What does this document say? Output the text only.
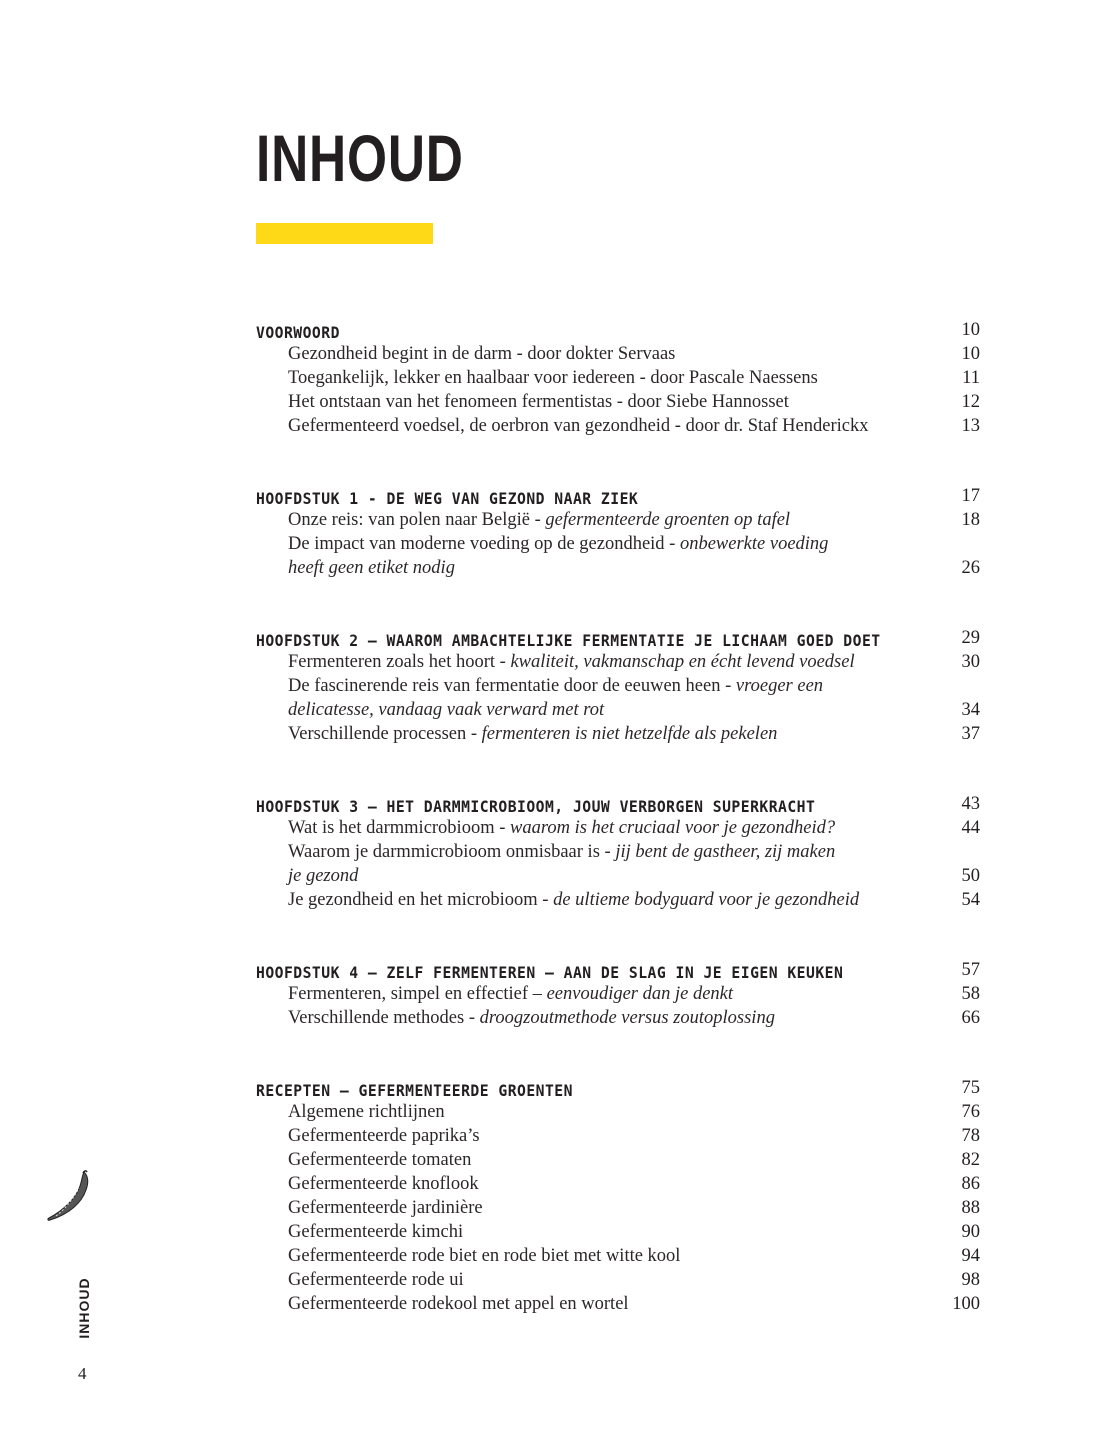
INHOUD
VOORWOORD	10
Gezondheid begint in de darm - door dokter Servaas	10
Toegankelijk, lekker en haalbaar voor iedereen - door Pascale Naessens	11
Het ontstaan van het fenomeen fermentistas - door Siebe Hannosset	12
Gefermenteerd voedsel, de oerbron van gezondheid - door dr. Staf Henderickx	13
HOOFDSTUK 1 - DE WEG VAN GEZOND NAAR ZIEK	17
Onze reis: van polen naar België - gefermenteerde groenten op tafel	18
De impact van moderne voeding op de gezondheid - onbewerkte voeding
heeft geen etiket nodig	26
HOOFDSTUK 2 – WAAROM AMBACHTELIJKE FERMENTATIE JE LICHAAM GOED DOET	29
Fermenteren zoals het hoort - kwaliteit, vakmanschap en écht levend voedsel	30
De fascinerende reis van fermentatie door de eeuwen heen - vroeger een
delicatesse, vandaag vaak verward met rot	34
Verschillende processen - fermenteren is niet hetzelfde als pekelen	37
HOOFDSTUK 3 – HET DARMMICROBIOOM, JOUW VERBORGEN SUPERKRACHT	43
Wat is het darmmicrobioom - waarom is het cruciaal voor je gezondheid?	44
Waarom je darmmicrobioom onmisbaar is - jij bent de gastheer, zij maken
je gezond	50
Je gezondheid en het microbioom - de ultieme bodyguard voor je gezondheid	54
HOOFDSTUK 4 – ZELF FERMENTEREN – AAN DE SLAG IN JE EIGEN KEUKEN	57
Fermenteren, simpel en effectief – eenvoudiger dan je denkt	58
Verschillende methodes - droogzoutmethode versus zoutoplossing	66
RECEPTEN – GEFERMENTEERDE GROENTEN	75
Algemene richtlijnen	76
Gefermenteerde paprika’s	78
Gefermenteerde tomaten	82
Gefermenteerde knoflook	86
Gefermenteerde jardinière	88
Gefermenteerde kimchi	90
Gefermenteerde rode biet en rode biet met witte kool	94
Gefermenteerde rode ui	98
Gefermenteerde rodekool met appel en wortel	100
INHOUD
4
